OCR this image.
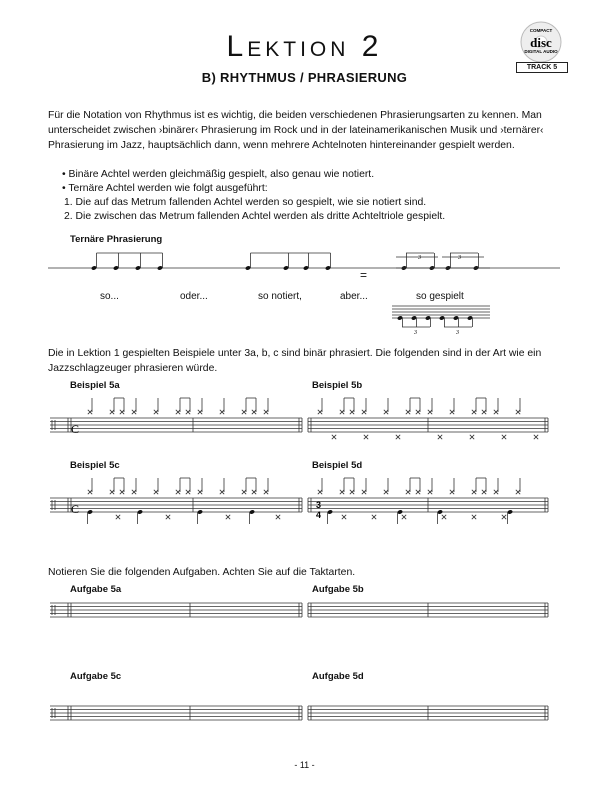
Lektion 2
B) RHYTHMUS / PHRASIERUNG
COMPACT
disc
DIGITAL AUDIO
TRACK 5
Für die Notation von Rhythmus ist es wichtig, die beiden verschiedenen Phrasierungsarten zu kennen. Man unterscheidet zwischen ›binärer‹ Phrasierung im Rock und in der lateinamerikanischen Musik und ›ternärer‹ Phrasierung im Jazz, hauptsächlich dann, wenn mehrere Achtelnoten hintereinander gespielt werden.
• Binäre Achtel werden gleichmäßig gespielt, also genau wie notiert.
• Ternäre Achtel werden wie folgt ausgeführt:
1. Die auf das Metrum fallenden Achtel werden so gespielt, wie sie notiert sind.
2. Die zwischen das Metrum fallenden Achtel werden als dritte Achteltriole gespielt.
Ternäre Phrasierung
so...	oder...	so notiert,	aber...	so gespielt
=
Die in Lektion 1 gespielten Beispiele unter 3a, b, c sind binär phrasiert. Die folgenden sind in der Art wie ein Jazzschlagzeuger phrasieren würde.
Beispiel 5a	Beispiel 5b
Beispiel 5c	Beispiel 5d
Notieren Sie die folgenden Aufgaben. Achten Sie auf die Taktarten.
Aufgabe 5a	Aufgabe 5b
Aufgabe 5c	Aufgabe 5d
C
C	3
4
3	3
3	3
- 11 -
